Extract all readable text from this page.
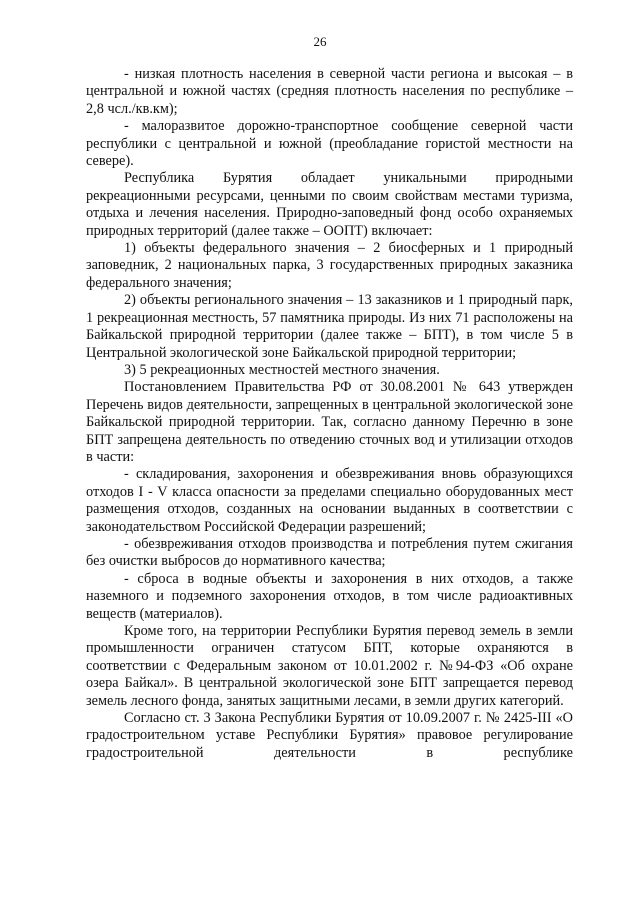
26

- низкая плотность населения в северной части региона и высокая – в центральной и южной частях (средняя плотность населения по республике – 2,8 чсл./кв.км);

- малоразвитое дорожно-транспортное сообщение северной части республики с центральной и южной (преобладание гористой местности на севере).

Республика Бурятия обладает уникальными природными рекреационными ресурсами, ценными по своим свойствам местами туризма, отдыха и лечения населения. Природно-заповедный фонд особо охраняемых природных территорий (далее также – ООПТ) включает:

1) объекты федерального значения – 2 биосферных и 1 природный заповедник, 2 национальных парка, 3 государственных природных заказника федерального значения;

2) объекты регионального значения – 13 заказников и 1 природный парк, 1 рекреационная местность, 57 памятника природы. Из них 71 расположены на Байкальской природной территории (далее также – БПТ), в том числе 5 в Центральной экологической зоне Байкальской природной территории;

3) 5 рекреационных местностей местного значения.

Постановлением Правительства РФ от 30.08.2001 № 643 утвержден Перечень видов деятельности, запрещенных в центральной экологической зоне Байкальской природной территории. Так, согласно данному Перечню в зоне БПТ запрещена деятельность по отведению сточных вод и утилизации отходов в части:

- складирования, захоронения и обезвреживания вновь образующихся отходов I - V класса опасности за пределами специально оборудованных мест размещения отходов, созданных на основании выданных в соответствии с законодательством Российской Федерации разрешений;

- обезвреживания отходов производства и потребления путем сжигания без очистки выбросов до нормативного качества;

- сброса в водные объекты и захоронения в них отходов, а также наземного и подземного захоронения отходов, в том числе радиоактивных веществ (материалов).

Кроме того, на территории Республики Бурятия перевод земель в земли промышленности ограничен статусом БПТ, которые охраняются в соответствии с Федеральным законом от 10.01.2002 г. №94-ФЗ «Об охране озера Байкал». В центральной экологической зоне БПТ запрещается перевод земель лесного фонда, занятых защитными лесами, в земли других категорий.

Согласно ст. 3 Закона Республики Бурятия от 10.09.2007 г. № 2425-III «О градостроительном уставе Республики Бурятия» правовое регулирование градостроительной деятельности в республике
